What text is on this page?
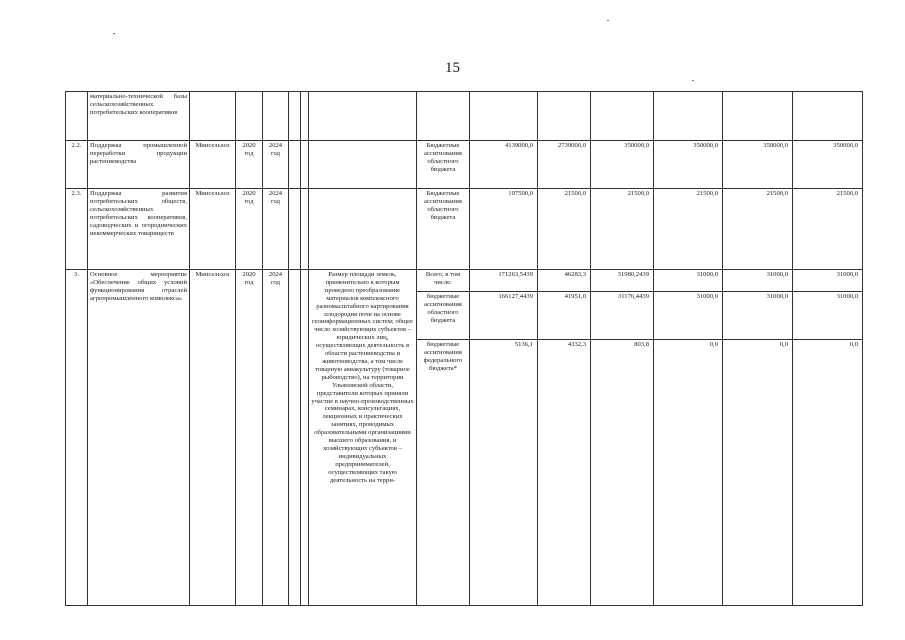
15
	материально-технической базы сельскохозяйственных потребительских кооперативов													
2.2.	Поддержка промышленной переработки продукции растениеводства	Минсельхоз	2020 год	2024 год				Бюджетные ассигнования областного бюджета	4139000,0	2739000,0	350000,0	350000,0	350000,0	350000,0
2.3.	Поддержка развития потребительских обществ, сельскохозяйственных потребительских кооперативов, садоводческих и огороднических некоммерческих товариществ	Минсельхоз	2020 год	2024 год				Бюджетные ассигнования областного бюджета	107500,0	21500,0	21500,0	21500,0	21500,0	21500,0
3.	Основное мероприятие «Обеспечение общих условий функционирования отраслей агропромышленного комплекса»	Минсельхоз	2020 год	2024 год			Размер площади земель, применительно к которым проведено преобразование материалов комплексного разномасштабного картирования плодородия почв на основе геоинформационных систем; общее число хозяйствующих субъектов – юридических лиц, осуществляющих деятельность в области растениеводства и животноводства, а том числе товарную аквакультуру (товарное рыбоводство), на территории Ульяновской области, представители которых приняли участие в научно-производственных семинарах, консультациях, лекционных и практических занятиях, проводимых образовательными организациями высшего образования, и хозяйствующих субъектов – индивидуальных предпринимателей, осуществляющих такую деятельность на терри-	Всего, в том числе:	171263,5439	46283,3	31980,2439	31000,0	31000,0	31000,0
								бюджетные ассигнования областного бюджета	166127,4439	41951,0	31176,4439	31000,0	31000,0	31000,0
								бюджетные ассигнования федерального бюджета*	5136,1	4332,3	803,8	0,0	0,0	0,0
